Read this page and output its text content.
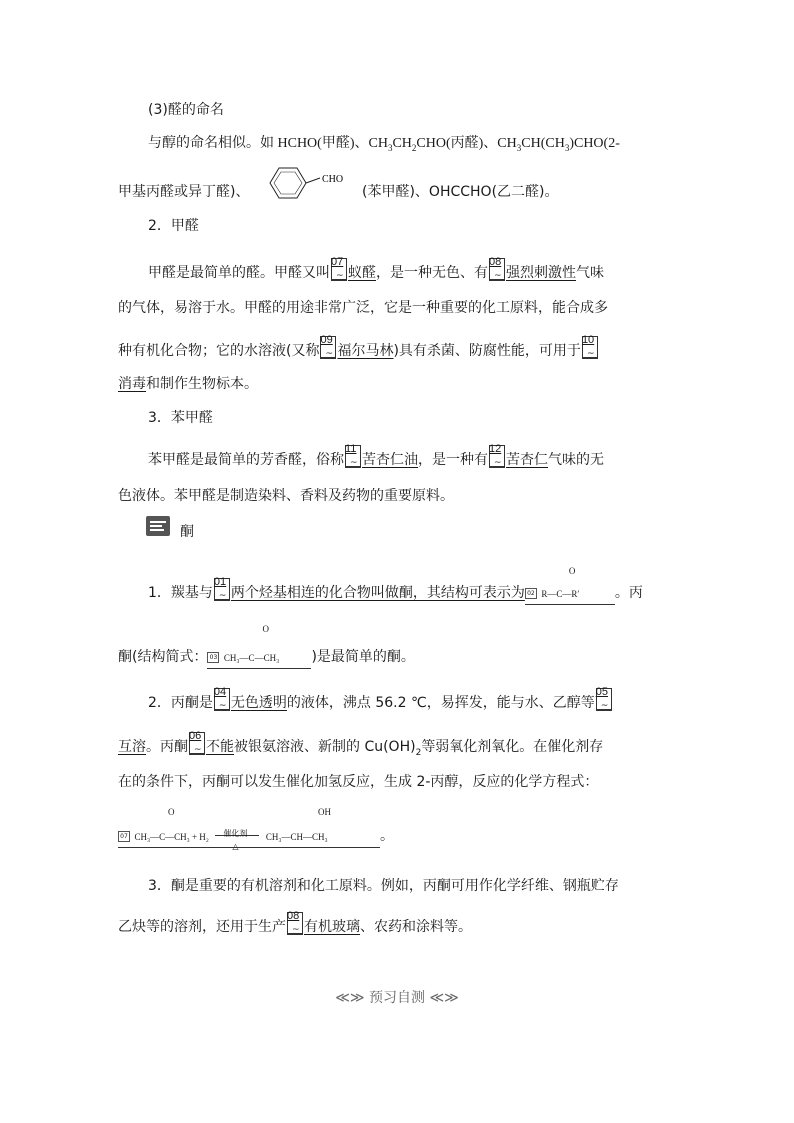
(3)醛的命名
与醇的命名相似。如 HCHO(甲醛)、$CH_3CH_2CHO$(丙醛)、$CH_3CH(CH_3)CHO(2-$
甲基丙醛或异丁醛)、
CHO
(苯甲醛)、OHCCHO(乙二醛)。
2．甲醛
甲醛是最简单的醛。甲醛又叫
07
~ 蚁醛，是一种无色、有
08
~ 强烈刺激性气味
的气体，易溶于水。甲醛的用途非常广泛，它是一种重要的化工原料，能合成多
种有机化合物；它的水溶液(又称
09
~ 福尔马林)具有杀菌、防腐性能，可用于
10
~
消毒和制作生物标本。
3．苯甲醛
苯甲醛是最简单的芳香醛，俗称
11
~ 苦杏仁油，是一种有
12
~ 苦杏仁气味的无
色液体。苯甲醛是制造染料、香料及药物的重要原料。
酮
1．羰基与
01
~ 两个烃基相连的化合物叫做酮，其结构可表示为 02 R—C—R′
O
。丙
酮(结构简式： 03 CH₃—C—CH₃
O
)是最简单的酮。
2．丙酮是
04
~ 无色透明的液体，沸点 56.2 ℃，易挥发，能与水、乙醇等
05
~
互溶。丙酮
06
~ 不能被银氨溶液、新制的 $Cu(OH)_2$等弱氧化剂氧化。在催化剂存
在的条件下，丙酮可以发生催化加氢反应，生成 2-丙醇，反应的化学方程式：
07 CH₃—C—CH₃ + H₂
O
催化剂
△
CH₃—CH—CH₃
OH
。
3．酮是重要的有机溶剂和化工原料。例如，丙酮可用作化学纤维、钢瓶贮存
乙炔等的溶剂，还用于生产
08
~ 有机玻璃、农药和涂料等。
≪≫ 预习自测 ≪≫
